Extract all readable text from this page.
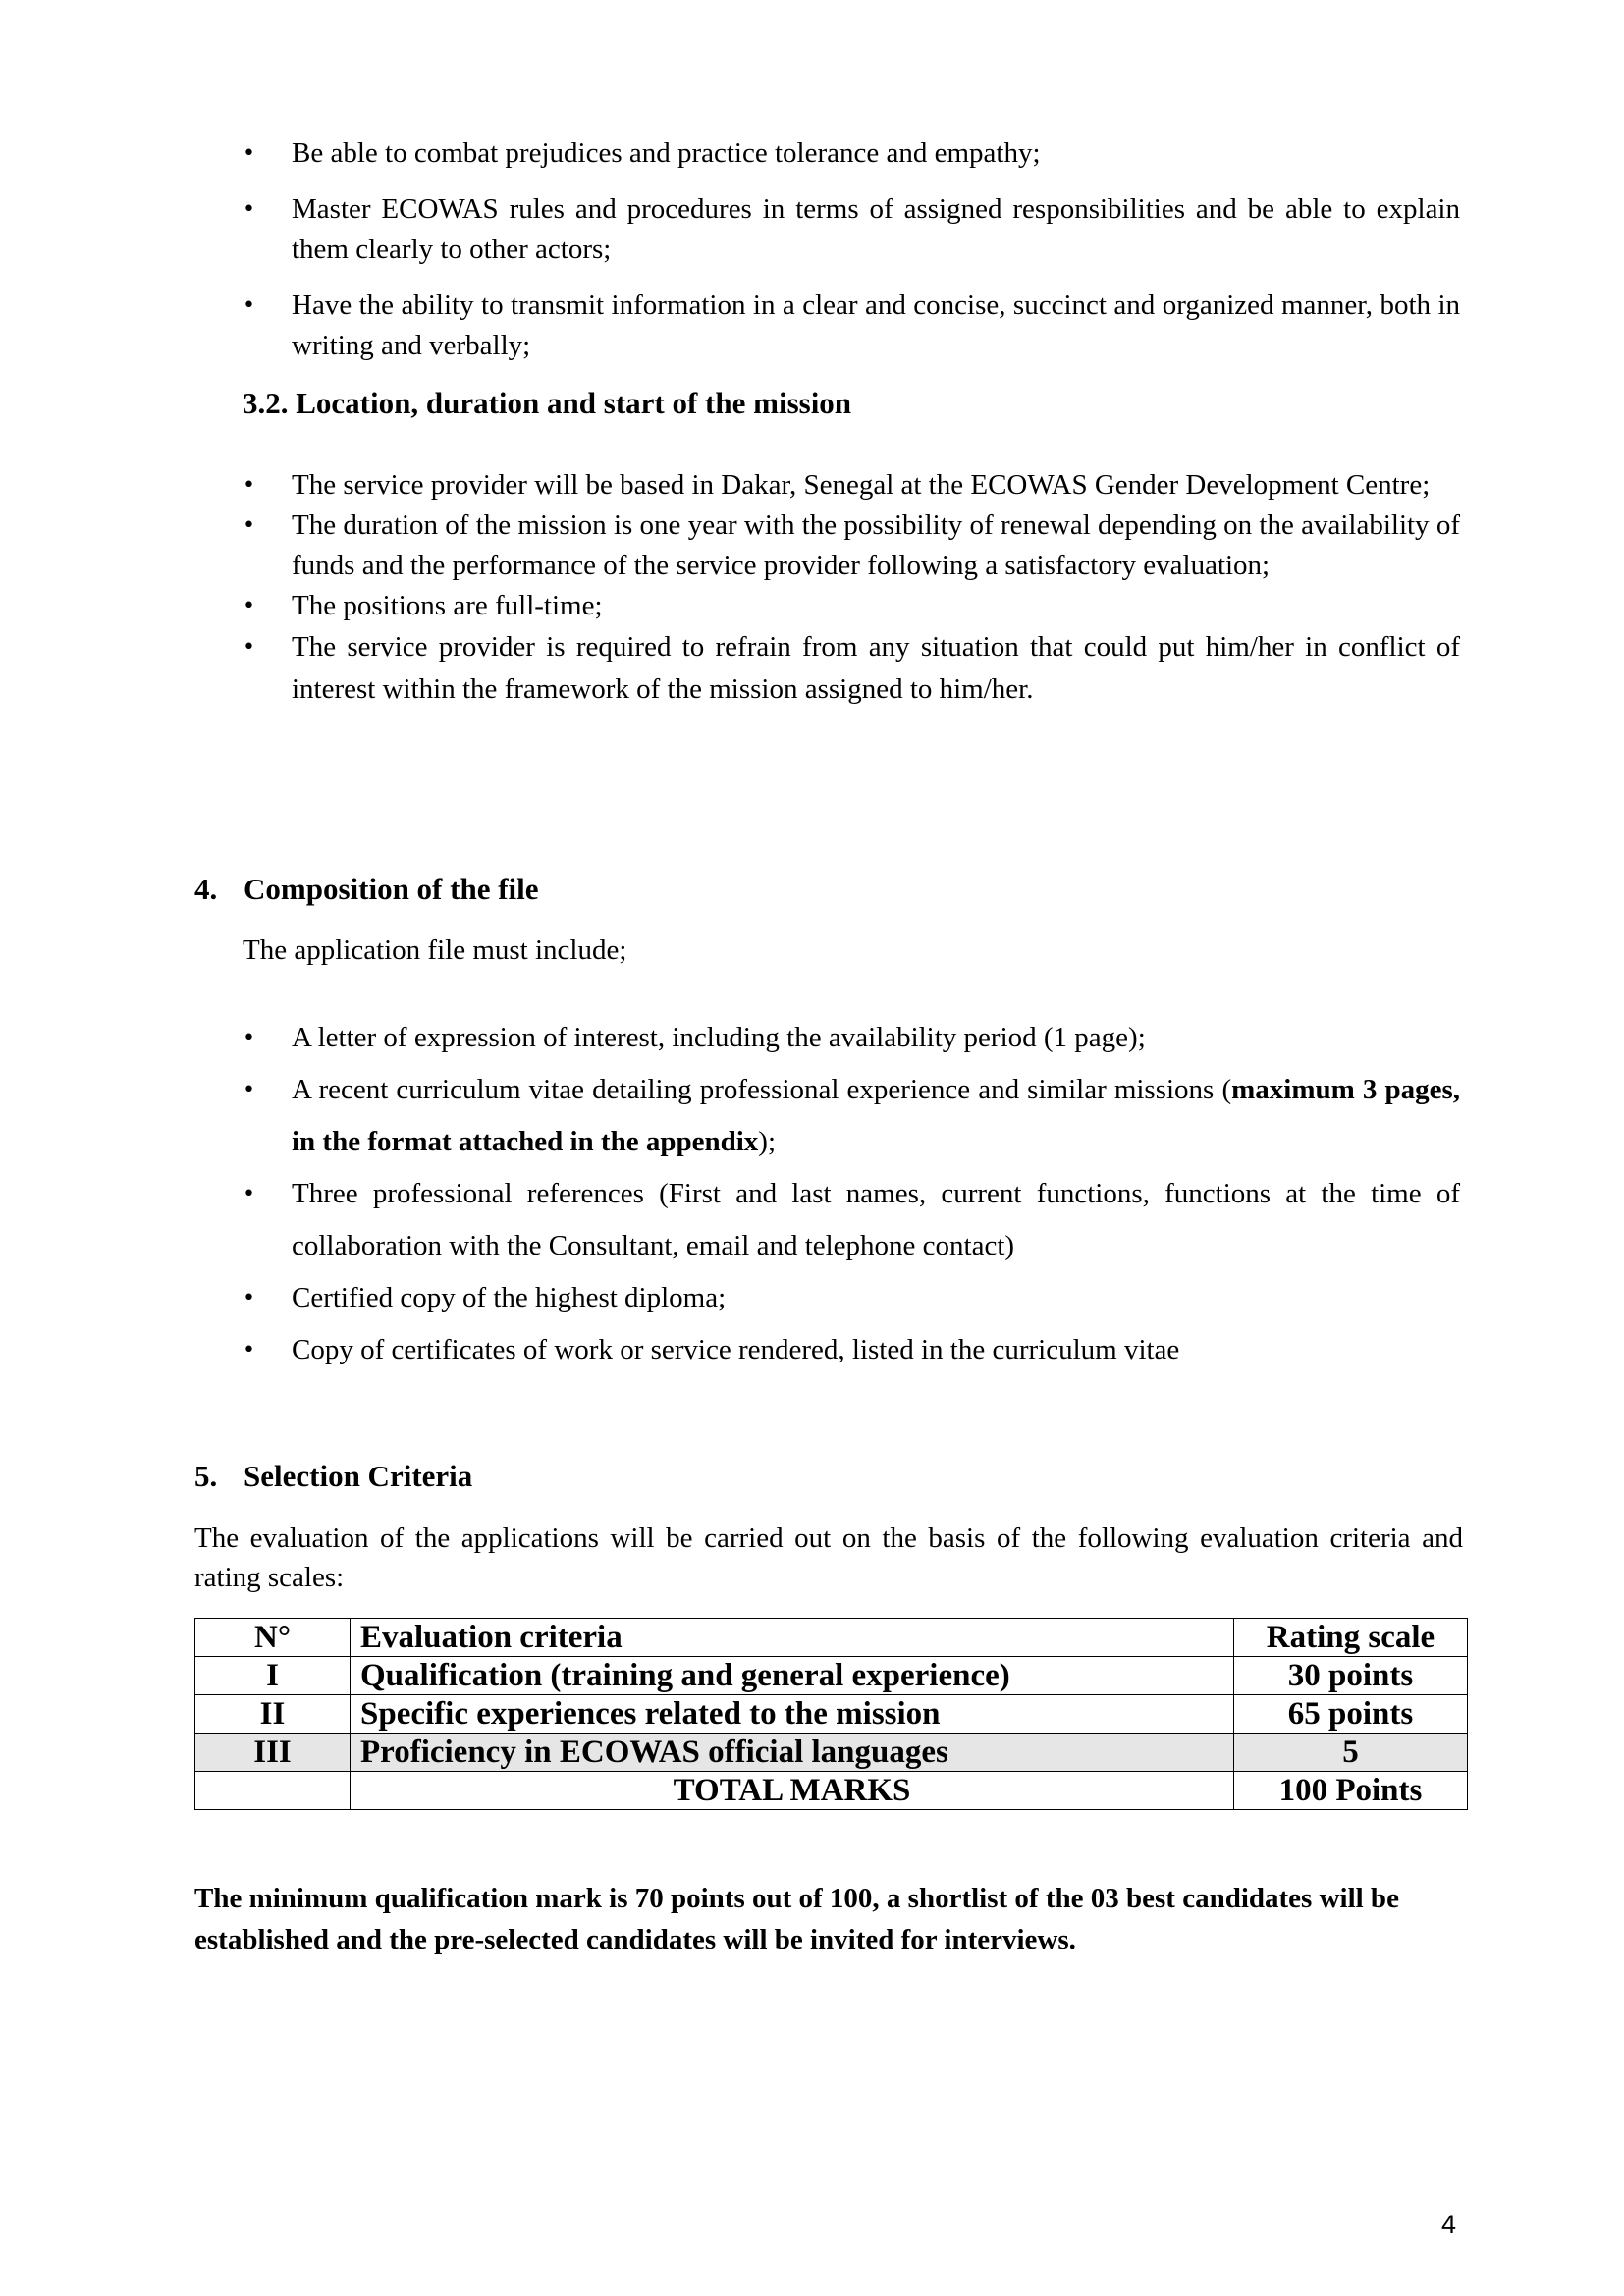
• Be able to combat prejudices and practice tolerance and empathy;
• Master ECOWAS rules and procedures in terms of assigned responsibilities and be able to explain them clearly to other actors;
• Have the ability to transmit information in a clear and concise, succinct and organized manner, both in writing and verbally;
3.2. Location, duration and start of the mission
• The service provider will be based in Dakar, Senegal at the ECOWAS Gender Development Centre;
• The duration of the mission is one year with the possibility of renewal depending on the availability of funds and the performance of the service provider following a satisfactory evaluation;
• The positions are full-time;
• The service provider is required to refrain from any situation that could put him/her in conflict of interest within the framework of the mission assigned to him/her.
4. Composition of the file

The application file must include;

• A letter of expression of interest, including the availability period (1 page);
• A recent curriculum vitae detailing professional experience and similar missions (maximum 3 pages, in the format attached in the appendix);
• Three professional references (First and last names, current functions, functions at the time of collaboration with the Consultant, email and telephone contact)
• Certified copy of the highest diploma;
• Copy of certificates of work or service rendered, listed in the curriculum vitae
5. Selection Criteria

The evaluation of the applications will be carried out on the basis of the following evaluation criteria and rating scales:

N°	Evaluation criteria	Rating scale
I	Qualification (training and general experience)	30 points
II	Specific experiences related to the mission	65 points
III	Proficiency in ECOWAS official languages	5
	TOTAL MARKS	100 Points

The minimum qualification mark is 70 points out of 100, a shortlist of the 03 best candidates will be established and the pre-selected candidates will be invited for interviews.

4
